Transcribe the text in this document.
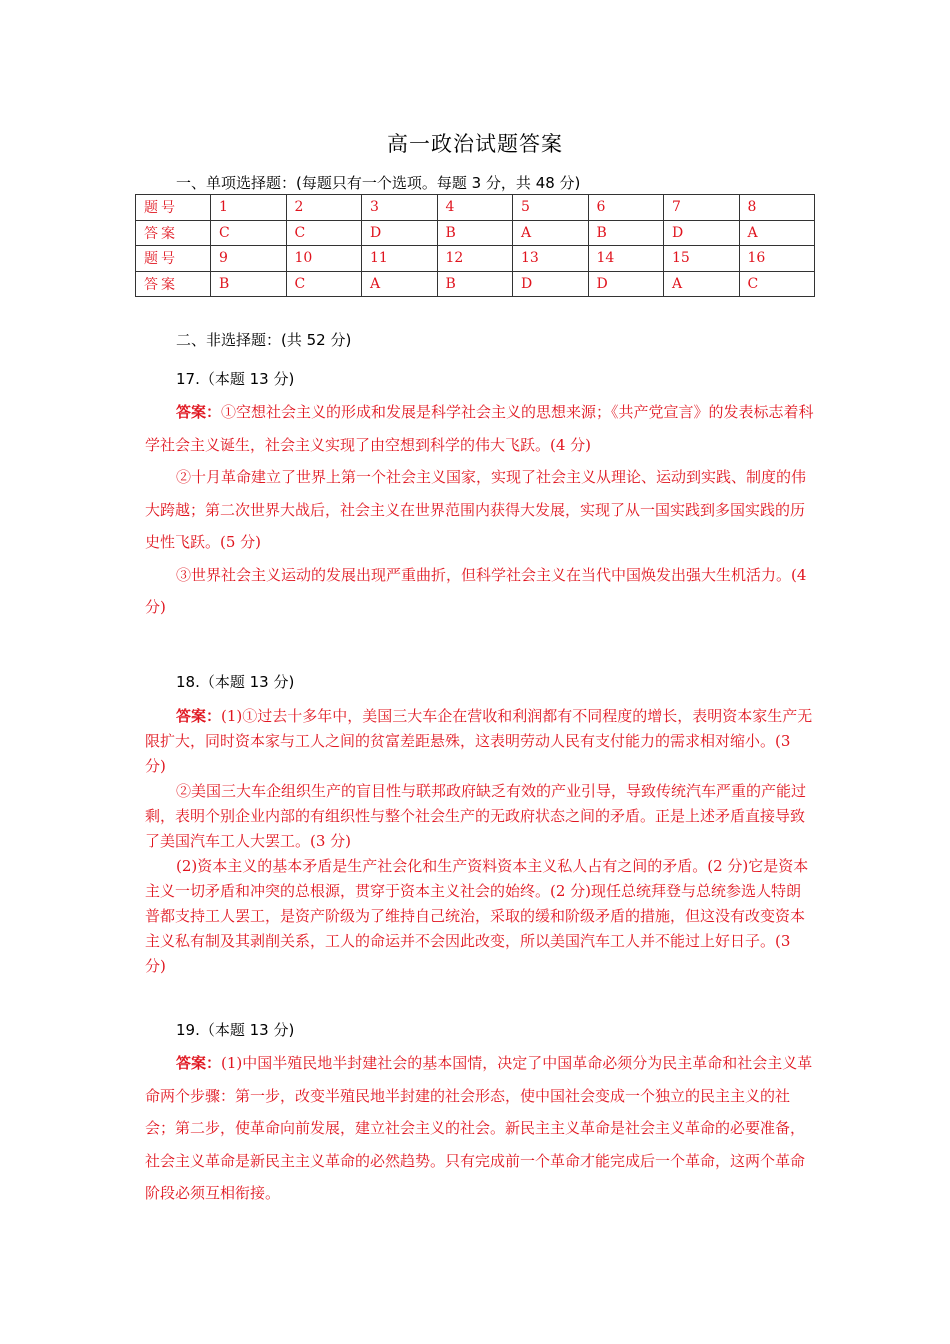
高一政治试题答案
一、单项选择题：(每题只有一个选项。每题 3 分，共 48 分)
题号	1	2	3	4	5	6	7	8
答案	C	C	D	B	A	B	D	A
题号	9	10	11	12	13	14	15	16
答案	B	C	A	B	D	D	A	C
二、非选择题：(共 52 分)
17.（本题 13 分)

答案：①空想社会主义的形成和发展是科学社会主义的思想来源；《共产党宣言》的发表标志着科学社会主义诞生，社会主义实现了由空想到科学的伟大飞跃。(4 分)

②十月革命建立了世界上第一个社会主义国家，实现了社会主义从理论、运动到实践、制度的伟大跨越；第二次世界大战后，社会主义在世界范围内获得大发展，实现了从一国实践到多国实践的历史性飞跃。(5 分)

③世界社会主义运动的发展出现严重曲折，但科学社会主义在当代中国焕发出强大生机活力。(4 分)

18.（本题 13 分)

答案：(1)①过去十多年中，美国三大车企在营收和利润都有不同程度的增长，表明资本家生产无限扩大，同时资本家与工人之间的贫富差距悬殊，这表明劳动人民有支付能力的需求相对缩小。(3 分)

②美国三大车企组织生产的盲目性与联邦政府缺乏有效的产业引导，导致传统汽车严重的产能过剩，表明个别企业内部的有组织性与整个社会生产的无政府状态之间的矛盾。正是上述矛盾直接导致了美国汽车工人大罢工。(3 分)

(2)资本主义的基本矛盾是生产社会化和生产资料资本主义私人占有之间的矛盾。(2 分)它是资本主义一切矛盾和冲突的总根源，贯穿于资本主义社会的始终。(2 分)现任总统拜登与总统参选人特朗普都支持工人罢工，是资产阶级为了维持自己统治，采取的缓和阶级矛盾的措施，但这没有改变资本主义私有制及其剥削关系，工人的命运并不会因此改变，所以美国汽车工人并不能过上好日子。(3 分)

19.（本题 13 分)

答案：(1)中国半殖民地半封建社会的基本国情，决定了中国革命必须分为民主革命和社会主义革命两个步骤：第一步，改变半殖民地半封建的社会形态，使中国社会变成一个独立的民主主义的社会；第二步，使革命向前发展，建立社会主义的社会。新民主主义革命是社会主义革命的必要准备，社会主义革命是新民主主义革命的必然趋势。只有完成前一个革命才能完成后一个革命，这两个革命阶段必须互相衔接。
